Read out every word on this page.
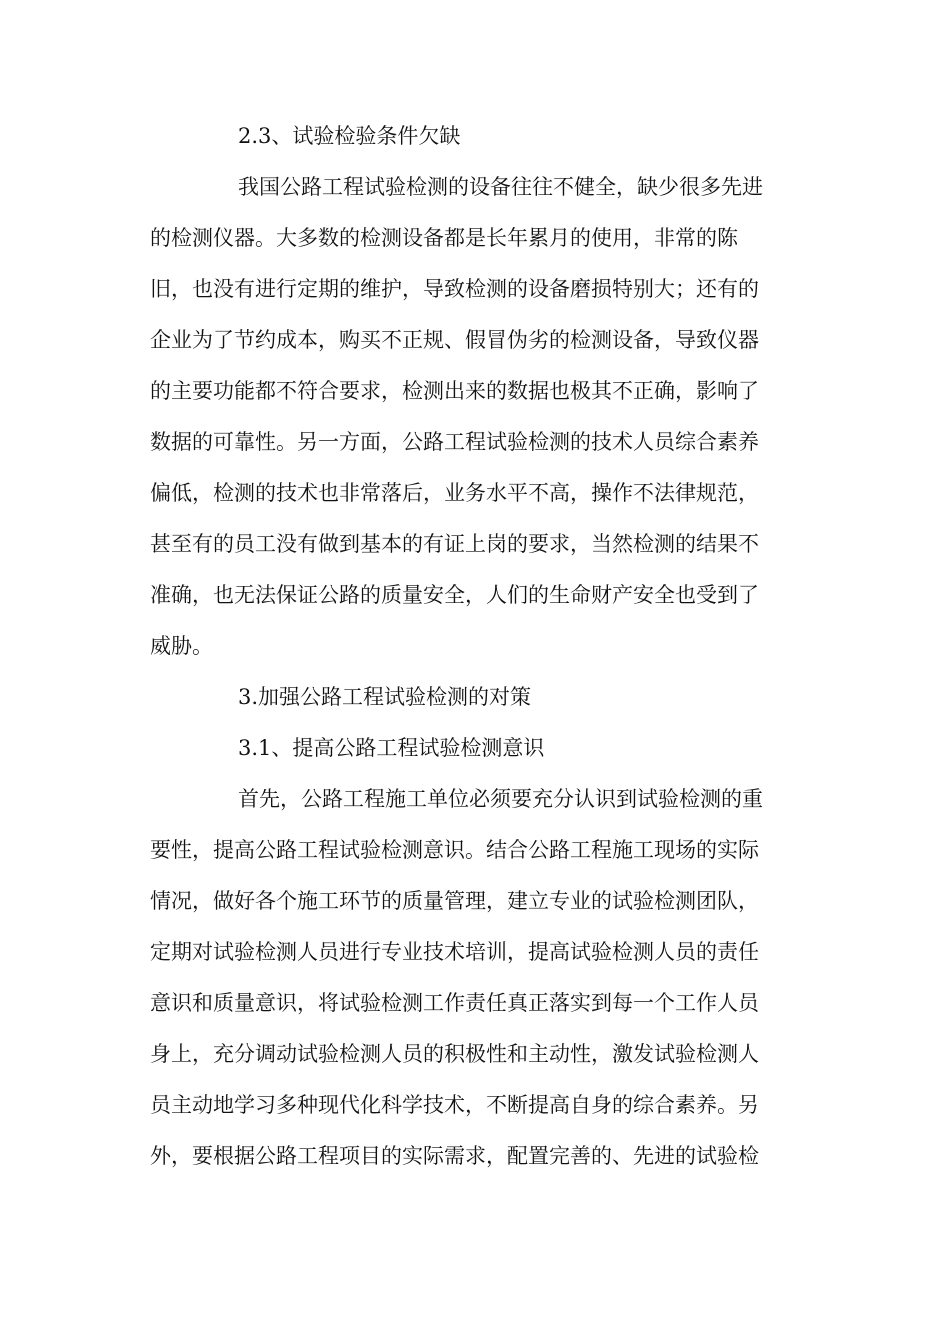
2.3、试验检验条件欠缺
我国公路工程试验检测的设备往往不健全，缺少很多先进
的检测仪器。大多数的检测设备都是长年累月的使用，非常的陈
旧，也没有进行定期的维护，导致检测的设备磨损特别大；还有的
企业为了节约成本，购买不正规、假冒伪劣的检测设备，导致仪器
的主要功能都不符合要求，检测出来的数据也极其不正确，影响了
数据的可靠性。另一方面，公路工程试验检测的技术人员综合素养
偏低，检测的技术也非常落后，业务水平不高，操作不法律规范，
甚至有的员工没有做到基本的有证上岗的要求，当然检测的结果不
准确，也无法保证公路的质量安全，人们的生命财产安全也受到了
威胁。
3.加强公路工程试验检测的对策
3.1、提高公路工程试验检测意识
首先，公路工程施工单位必须要充分认识到试验检测的重
要性，提高公路工程试验检测意识。结合公路工程施工现场的实际
情况，做好各个施工环节的质量管理，建立专业的试验检测团队，
定期对试验检测人员进行专业技术培训，提高试验检测人员的责任
意识和质量意识，将试验检测工作责任真正落实到每一个工作人员
身上，充分调动试验检测人员的积极性和主动性，激发试验检测人
员主动地学习多种现代化科学技术，不断提高自身的综合素养。另
外，要根据公路工程项目的实际需求，配置完善的、先进的试验检
